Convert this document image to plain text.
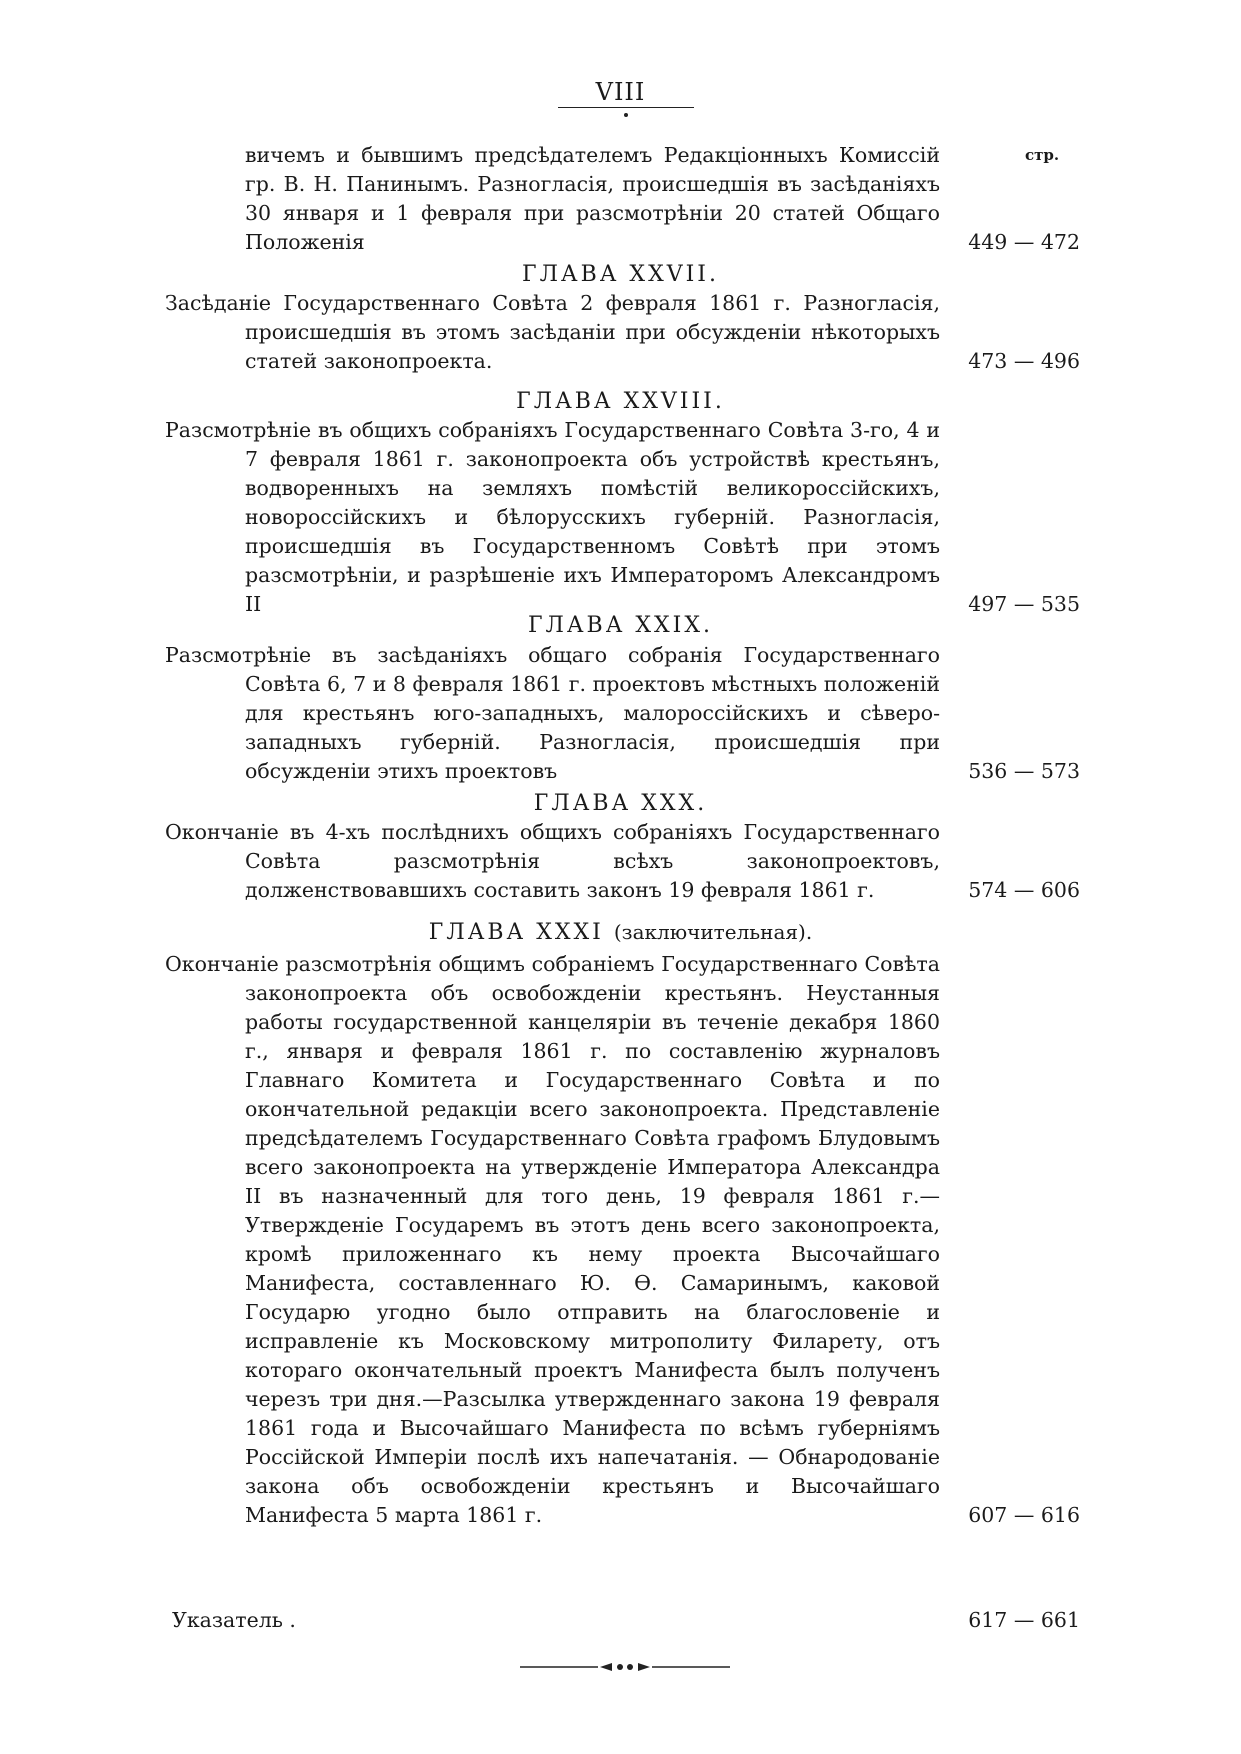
VIII
стр.
вичемъ и бывшимъ предсѣдателемъ Редакціонныхъ Комиссій гр. В. Н. Панинымъ. Разногласія, происшедшія въ засѣданіяхъ 30 января и 1 февраля при разсмотрѣніи 20 статей Общаго Положенія	449 — 472
ГЛАВА XXVII.
Засѣданіе Государственнаго Совѣта 2 февраля 1861 г. Разногласія, происшедшія въ этомъ засѣданіи при обсужденіи нѣкоторыхъ статей законопроекта.	473 — 496
ГЛАВА XXVIII.
Разсмотрѣніе въ общихъ собраніяхъ Государственнаго Совѣта 3-го, 4 и 7 февраля 1861 г. законопроекта объ устройствѣ крестьянъ, водворенныхъ на земляхъ помѣстій великороссійскихъ, новороссійскихъ и бѣлорусскихъ губерній. Разногласія, происшедшія въ Государственномъ Совѣтѣ при этомъ разсмотрѣніи, и разрѣшеніе ихъ Императоромъ Александромъ II	497 — 535
ГЛАВА XXIX.
Разсмотрѣніе въ засѣданіяхъ общаго собранія Государственнаго Совѣта 6, 7 и 8 февраля 1861 г. проектовъ мѣстныхъ положеній для крестьянъ юго-западныхъ, малороссійскихъ и сѣверо-западныхъ губерній. Разногласія, происшедшія при обсужденіи этихъ проектовъ	536 — 573
ГЛАВА XXX.
Окончаніе въ 4-хъ послѣднихъ общихъ собраніяхъ Государственнаго Совѣта разсмотрѣнія всѣхъ законопроектовъ, долженствовавшихъ составить законъ 19 февраля 1861 г.	574 — 606
ГЛАВА XXXI (заключительная).
Окончаніе разсмотрѣнія общимъ собраніемъ Государственнаго Совѣта законопроекта объ освобожденіи крестьянъ. Неустанныя работы государственной канцеляріи въ теченіе декабря 1860 г., января и февраля 1861 г. по составленію журналовъ Главнаго Комитета и Государственнаго Совѣта и по окончательной редакціи всего законопроекта. Представленіе предсѣдателемъ Государственнаго Совѣта графомъ Блудовымъ всего законопроекта на утвержденіе Императора Александра II въ назначенный для того день, 19 февраля 1861 г.—Утвержденіе Государемъ въ этотъ день всего законопроекта, кромѣ приложеннаго къ нему проекта Высочайшаго Манифеста, составленнаго Ю. Ѳ. Самаринымъ, каковой Государю угодно было отправить на благословеніе и исправленіе къ Московскому митрополиту Филарету, отъ котораго окончательный проектъ Манифеста былъ полученъ черезъ три дня.—Разсылка утвержденнаго закона 19 февраля 1861 года и Высочайшаго Манифеста по всѣмъ губерніямъ Россійской Имперіи послѣ ихъ напечатанія. — Обнародованіе закона объ освобожденіи крестьянъ и Высочайшаго Манифеста 5 марта 1861 г.	607 — 616
Указатель .	617 — 661
